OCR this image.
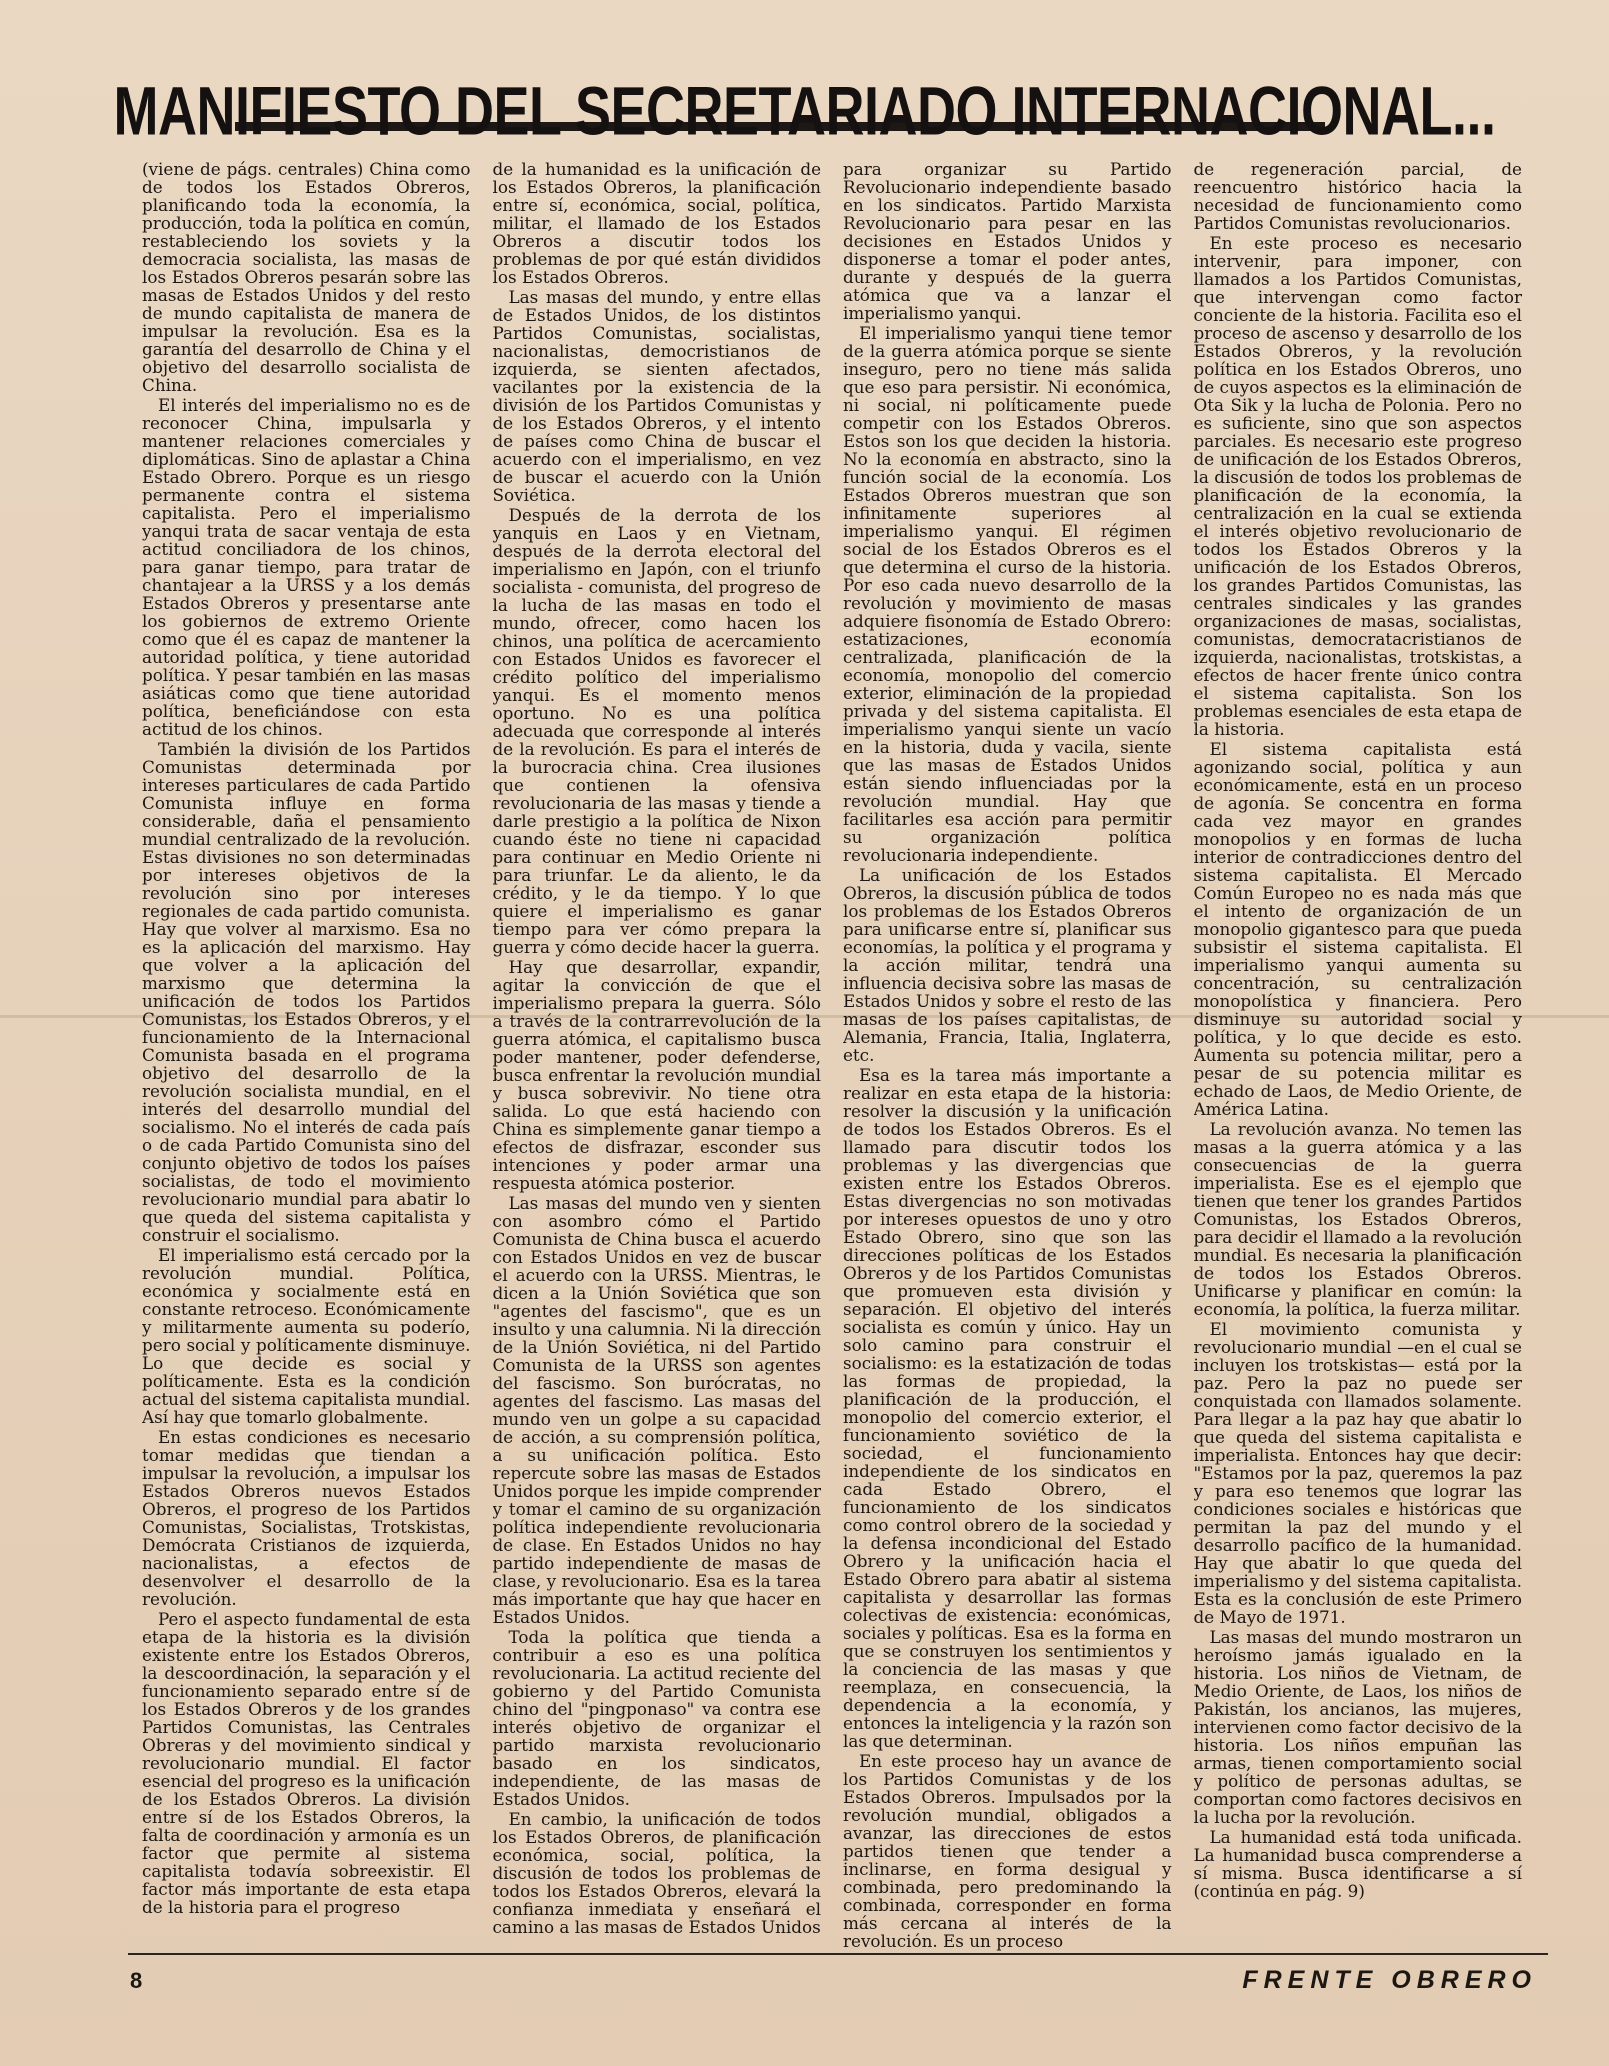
MANIFIESTO DEL SECRETARIADO INTERNACIONAL...

(viene de págs. centrales) China como de todos los Estados Obreros, planificando toda la economía, la producción, toda la política en común, restableciendo los soviets y la democracia socialista, las masas de los Estados Obreros pesarán sobre las masas de Estados Unidos y del resto de mundo capitalista de manera de impulsar la revolución. Esa es la garantía del desarrollo de China y el objetivo del desarrollo socialista de China.

El interés del imperialismo no es de reconocer China, impulsarla y mantener relaciones comerciales y diplomáticas. Sino de aplastar a China Estado Obrero. Porque es un riesgo permanente contra el sistema capitalista. Pero el imperialismo yanqui trata de sacar ventaja de esta actitud conciliadora de los chinos, para ganar tiempo, para tratar de chantajear a la URSS y a los demás Estados Obreros y presentarse ante los gobiernos de extremo Oriente como que él es capaz de mantener la autoridad política, y tiene autoridad política. Y pesar también en las masas asiáticas como que tiene autoridad política, beneficiándose con esta actitud de los chinos.

También la división de los Partidos Comunistas determinada por intereses particulares de cada Partido Comunista influye en forma considerable, daña el pensamiento mundial centralizado de la revolución. Estas divisiones no son determinadas por intereses objetivos de la revolución sino por intereses regionales de cada partido comunista. Hay que volver al marxismo. Esa no es la aplicación del marxismo. Hay que volver a la aplicación del marxismo que determina la unificación de todos los Partidos Comunistas, los Estados Obreros, y el funcionamiento de la Internacional Comunista basada en el programa objetivo del desarrollo de la revolución socialista mundial, en el interés del desarrollo mundial del socialismo. No el interés de cada país o de cada Partido Comunista sino del conjunto objetivo de todos los países socialistas, de todo el movimiento revolucionario mundial para abatir lo que queda del sistema capitalista y construir el socialismo.

El imperialismo está cercado por la revolución mundial. Política, económica y socialmente está en constante retroceso. Económicamente y militarmente aumenta su poderío, pero social y políticamente disminuye. Lo que decide es social y políticamente. Esta es la condición actual del sistema capitalista mundial. Así hay que tomarlo globalmente.

En estas condiciones es necesario tomar medidas que tiendan a impulsar la revolución, a impulsar los Estados Obreros nuevos Estados Obreros, el progreso de los Partidos Comunistas, Socialistas, Trotskistas, Demócrata Cristianos de izquierda, nacionalistas, a efectos de desenvolver el desarrollo de la revolución.

Pero el aspecto fundamental de esta etapa de la historia es la división existente entre los Estados Obreros, la descoordinación, la separación y el funcionamiento separado entre sí de los Estados Obreros y de los grandes Partidos Comunistas, las Centrales Obreras y del movimiento sindical y revolucionario mundial. El factor esencial del progreso es la unificación de los Estados Obreros. La división entre sí de los Estados Obreros, la falta de coordinación y armonía es un factor que permite al sistema capitalista todavía sobreexistir. El factor más importante de esta etapa de la historia para el progreso

de la humanidad es la unificación de los Estados Obreros, la planificación entre sí, económica, social, política, militar, el llamado de los Estados Obreros a discutir todos los problemas de por qué están divididos los Estados Obreros.

Las masas del mundo, y entre ellas de Estados Unidos, de los distintos Partidos Comunistas, socialistas, nacionalistas, democristianos de izquierda, se sienten afectados, vacilantes por la existencia de la división de los Partidos Comunistas y de los Estados Obreros, y el intento de países como China de buscar el acuerdo con el imperialismo, en vez de buscar el acuerdo con la Unión Soviética.

Después de la derrota de los yanquis en Laos y en Vietnam, después de la derrota electoral del imperialismo en Japón, con el triunfo socialista - comunista, del progreso de la lucha de las masas en todo el mundo, ofrecer, como hacen los chinos, una política de acercamiento con Estados Unidos es favorecer el crédito político del imperialismo yanqui. Es el momento menos oportuno. No es una política adecuada que corresponde al interés de la revolución. Es para el interés de la burocracia china. Crea ilusiones que contienen la ofensiva revolucionaria de las masas y tiende a darle prestigio a la política de Nixon cuando éste no tiene ni capacidad para continuar en Medio Oriente ni para triunfar. Le da aliento, le da crédito, y le da tiempo. Y lo que quiere el imperialismo es ganar tiempo para ver cómo prepara la guerra y cómo decide hacer la guerra.

Hay que desarrollar, expandir, agitar la convicción de que el imperialismo prepara la guerra. Sólo a través de la contrarrevolución de la guerra atómica, el capitalismo busca poder mantener, poder defenderse, busca enfrentar la revolución mundial y busca sobrevivir. No tiene otra salida. Lo que está haciendo con China es simplemente ganar tiempo a efectos de disfrazar, esconder sus intenciones y poder armar una respuesta atómica posterior.

Las masas del mundo ven y sienten con asombro cómo el Partido Comunista de China busca el acuerdo con Estados Unidos en vez de buscar el acuerdo con la URSS. Mientras, le dicen a la Unión Soviética que son "agentes del fascismo", que es un insulto y una calumnia. Ni la dirección de la Unión Soviética, ni del Partido Comunista de la URSS son agentes del fascismo. Son burócratas, no agentes del fascismo. Las masas del mundo ven un golpe a su capacidad de acción, a su comprensión política, a su unificación política. Esto repercute sobre las masas de Estados Unidos porque les impide comprender y tomar el camino de su organización política independiente revolucionaria de clase. En Estados Unidos no hay partido independiente de masas de clase, y revolucionario. Esa es la tarea más importante que hay que hacer en Estados Unidos.

Toda la política que tienda a contribuir a eso es una política revolucionaria. La actitud reciente del gobierno y del Partido Comunista chino del "pingponaso" va contra ese interés objetivo de organizar el partido marxista revolucionario basado en los sindicatos, independiente, de las masas de Estados Unidos.

En cambio, la unificación de todos los Estados Obreros, de planificación económica, social, política, la discusión de todos los problemas de todos los Estados Obreros, elevará la confianza inmediata y enseñará el camino a las masas de Estados Unidos

para organizar su Partido Revolucionario independiente basado en los sindicatos. Partido Marxista Revolucionario para pesar en las decisiones en Estados Unidos y disponerse a tomar el poder antes, durante y después de la guerra atómica que va a lanzar el imperialismo yanqui.

El imperialismo yanqui tiene temor de la guerra atómica porque se siente inseguro, pero no tiene más salida que eso para persistir. Ni económica, ni social, ni políticamente puede competir con los Estados Obreros. Estos son los que deciden la historia. No la economía en abstracto, sino la función social de la economía. Los Estados Obreros muestran que son infinitamente superiores al imperialismo yanqui. El régimen social de los Estados Obreros es el que determina el curso de la historia. Por eso cada nuevo desarrollo de la revolución y movimiento de masas adquiere fisonomía de Estado Obrero: estatizaciones, economía centralizada, planificación de la economía, monopolio del comercio exterior, eliminación de la propiedad privada y del sistema capitalista. El imperialismo yanqui siente un vacío en la historia, duda y vacila, siente que las masas de Estados Unidos están siendo influenciadas por la revolución mundial. Hay que facilitarles esa acción para permitir su organización política revolucionaria independiente.

La unificación de los Estados Obreros, la discusión pública de todos los problemas de los Estados Obreros para unificarse entre sí, planificar sus economías, la política y el programa y la acción militar, tendrá una influencia decisiva sobre las masas de Estados Unidos y sobre el resto de las masas de los países capitalistas, de Alemania, Francia, Italia, Inglaterra, etc.

Esa es la tarea más importante a realizar en esta etapa de la historia: resolver la discusión y la unificación de todos los Estados Obreros. Es el llamado para discutir todos los problemas y las divergencias que existen entre los Estados Obreros. Estas divergencias no son motivadas por intereses opuestos de uno y otro Estado Obrero, sino que son las direcciones políticas de los Estados Obreros y de los Partidos Comunistas que promueven esta división y separación. El objetivo del interés socialista es común y único. Hay un solo camino para construir el socialismo: es la estatización de todas las formas de propiedad, la planificación de la producción, el monopolio del comercio exterior, el funcionamiento soviético de la sociedad, el funcionamiento independiente de los sindicatos en cada Estado Obrero, el funcionamiento de los sindicatos como control obrero de la sociedad y la defensa incondicional del Estado Obrero y la unificación hacia el Estado Obrero para abatir al sistema capitalista y desarrollar las formas colectivas de existencia: económicas, sociales y políticas. Esa es la forma en que se construyen los sentimientos y la conciencia de las masas y que reemplaza, en consecuencia, la dependencia a la economía, y entonces la inteligencia y la razón son las que determinan.

En este proceso hay un avance de los Partidos Comunistas y de los Estados Obreros. Impulsados por la revolución mundial, obligados a avanzar, las direcciones de estos partidos tienen que tender a inclinarse, en forma desigual y combinada, pero predominando la combinada, corresponder en forma más cercana al interés de la revolución. Es un proceso

de regeneración parcial, de reencuentro histórico hacia la necesidad de funcionamiento como Partidos Comunistas revolucionarios.

En este proceso es necesario intervenir, para imponer, con llamados a los Partidos Comunistas, que intervengan como factor conciente de la historia. Facilita eso el proceso de ascenso y desarrollo de los Estados Obreros, y la revolución política en los Estados Obreros, uno de cuyos aspectos es la eliminación de Ota Sik y la lucha de Polonia. Pero no es suficiente, sino que son aspectos parciales. Es necesario este progreso de unificación de los Estados Obreros, la discusión de todos los problemas de planificación de la economía, la centralización en la cual se extienda el interés objetivo revolucionario de todos los Estados Obreros y la unificación de los Estados Obreros, los grandes Partidos Comunistas, las centrales sindicales y las grandes organizaciones de masas, socialistas, comunistas, democratacristianos de izquierda, nacionalistas, trotskistas, a efectos de hacer frente único contra el sistema capitalista. Son los problemas esenciales de esta etapa de la historia.

El sistema capitalista está agonizando social, política y aun económicamente, está en un proceso de agonía. Se concentra en forma cada vez mayor en grandes monopolios y en formas de lucha interior de contradicciones dentro del sistema capitalista. El Mercado Común Europeo no es nada más que el intento de organización de un monopolio gigantesco para que pueda subsistir el sistema capitalista. El imperialismo yanqui aumenta su concentración, su centralización monopolística y financiera. Pero disminuye su autoridad social y política, y lo que decide es esto. Aumenta su potencia militar, pero a pesar de su potencia militar es echado de Laos, de Medio Oriente, de América Latina.

La revolución avanza. No temen las masas a la guerra atómica y a las consecuencias de la guerra imperialista. Ese es el ejemplo que tienen que tener los grandes Partidos Comunistas, los Estados Obreros, para decidir el llamado a la revolución mundial. Es necesaria la planificación de todos los Estados Obreros. Unificarse y planificar en común: la economía, la política, la fuerza militar.

El movimiento comunista y revolucionario mundial —en el cual se incluyen los trotskistas— está por la paz. Pero la paz no puede ser conquistada con llamados solamente. Para llegar a la paz hay que abatir lo que queda del sistema capitalista e imperialista. Entonces hay que decir: "Estamos por la paz, queremos la paz y para eso tenemos que lograr las condiciones sociales e históricas que permitan la paz del mundo y el desarrollo pacífico de la humanidad. Hay que abatir lo que queda del imperialismo y del sistema capitalista. Esta es la conclusión de este Primero de Mayo de 1971.

Las masas del mundo mostraron un heroísmo jamás igualado en la historia. Los niños de Vietnam, de Medio Oriente, de Laos, los niños de Pakistán, los ancianos, las mujeres, intervienen como factor decisivo de la historia. Los niños empuñan las armas, tienen comportamiento social y político de personas adultas, se comportan como factores decisivos en la lucha por la revolución.

La humanidad está toda unificada. La humanidad busca comprenderse a sí misma. Busca identificarse a sí (continúa en pág. 9)

8	FRENTE OBRERO
